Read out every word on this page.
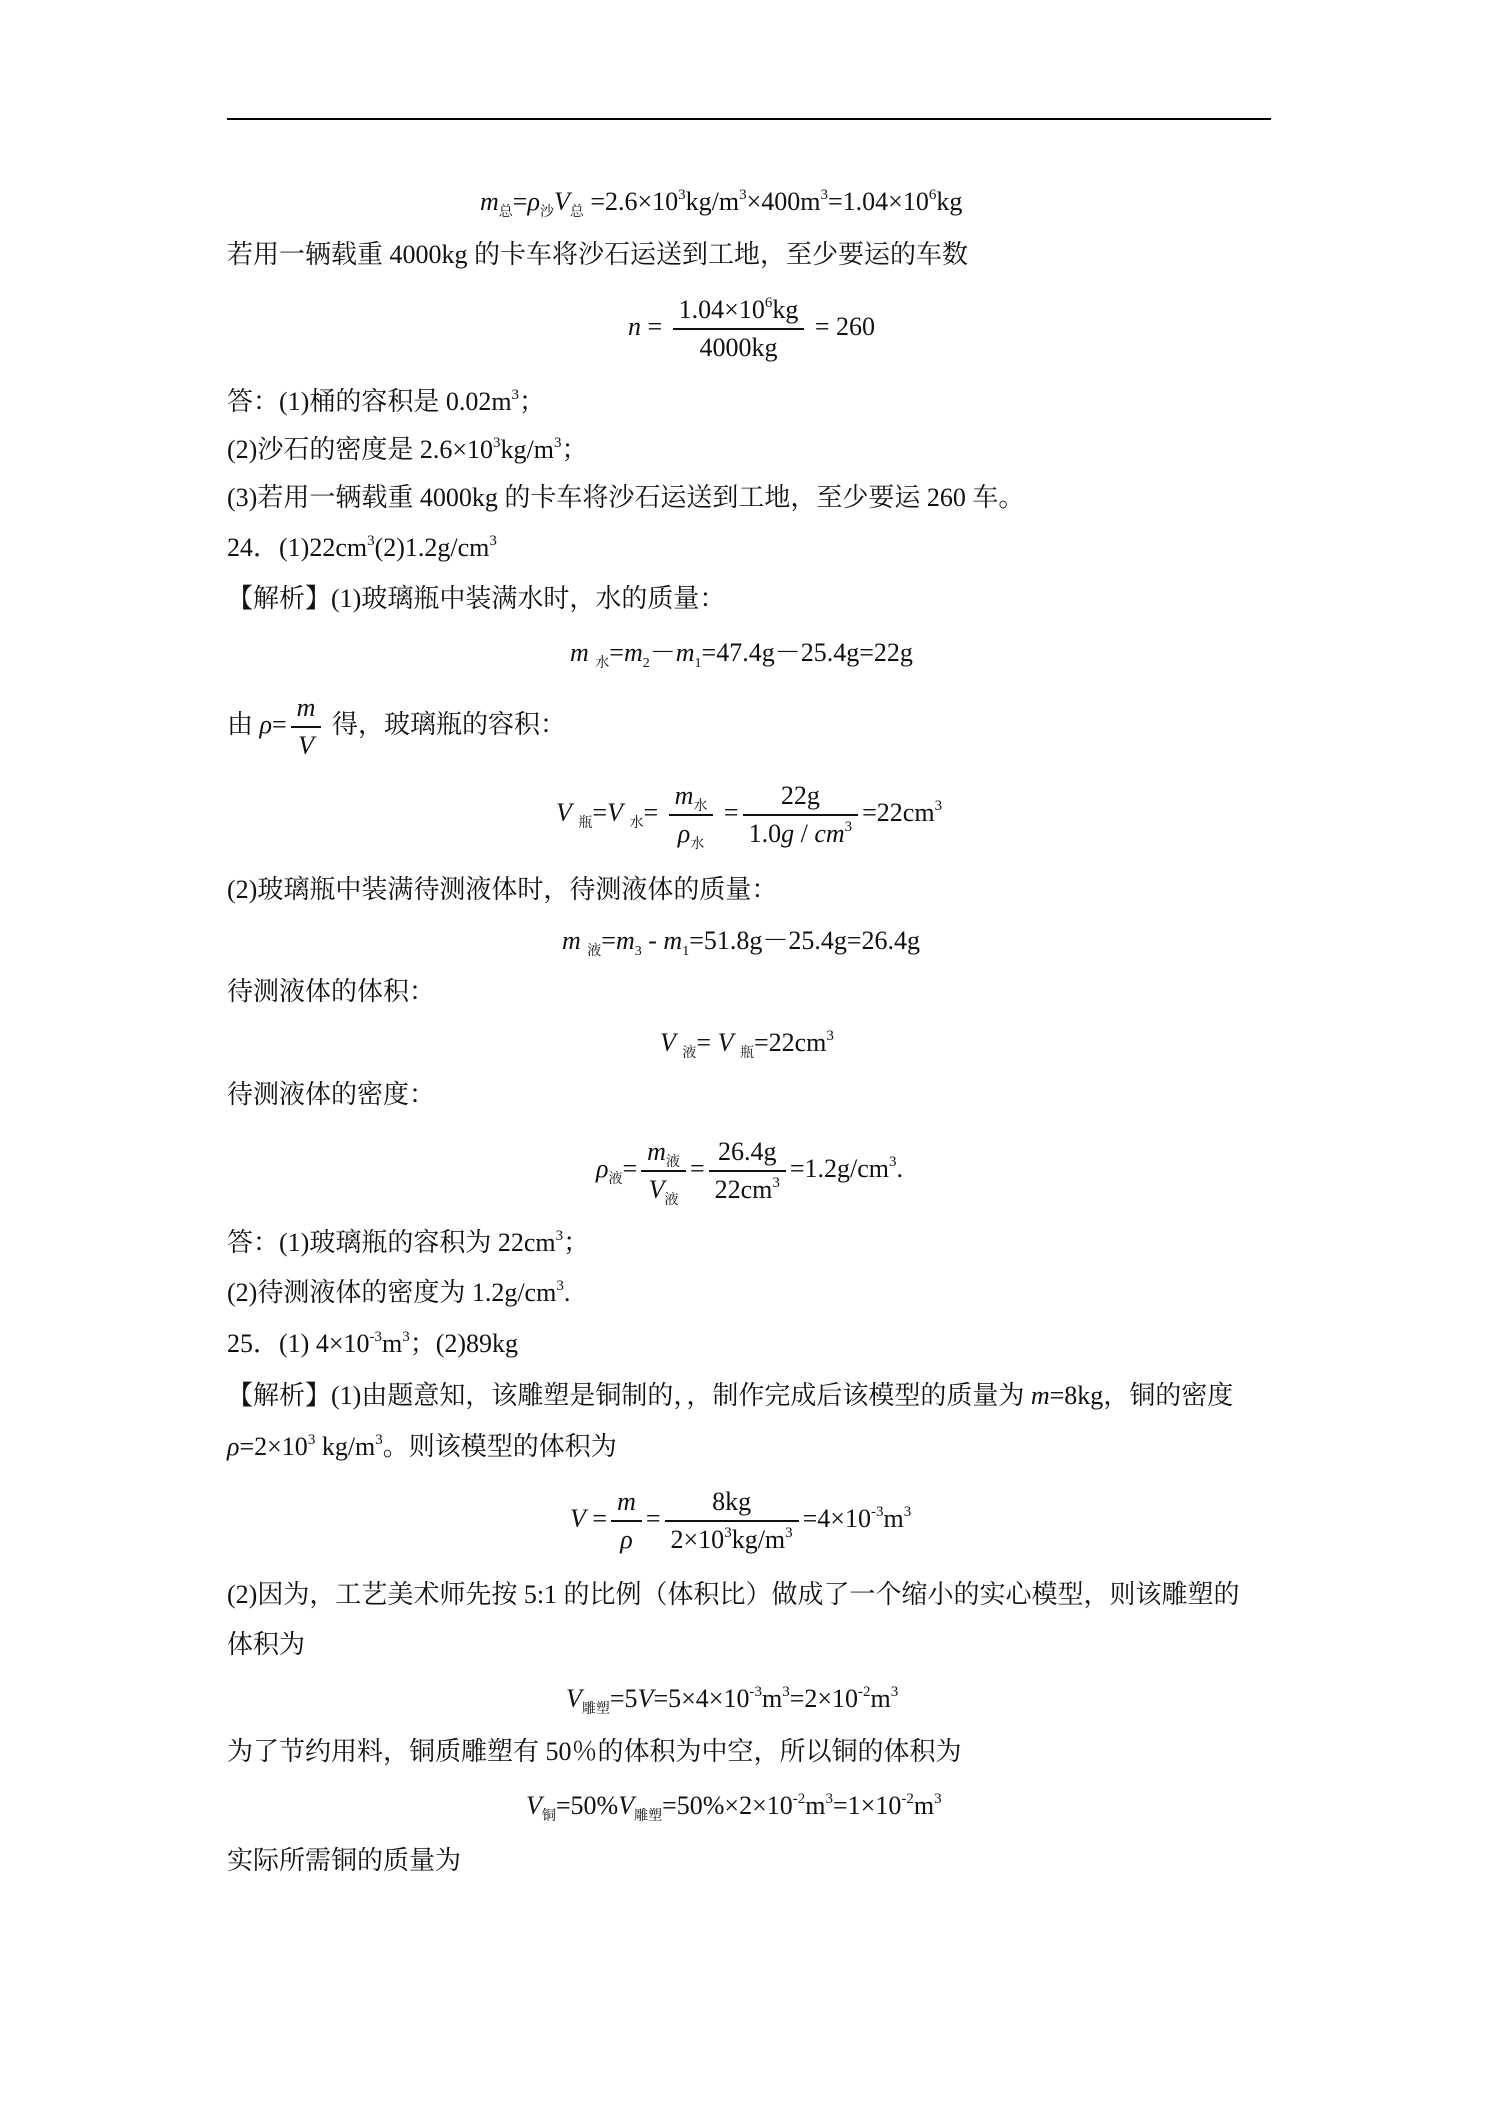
$m_总=\rho_沙V_总 =2.6\times 10^3kg/m^3\times 400m^3=1.04\times 10^6kg$
若用一辆载重 4000kg 的卡车将沙石运送到工地，至少要运的车数
$n = \frac{1.04\times 10^6kg}{4000kg} = 260$
答：(1)桶的容积是 $0.02m^3$；
(2)沙石的密度是 $2.6\times 10^3kg/m^3$；
(3)若用一辆载重 4000kg 的卡车将沙石运送到工地，至少要运 260 车。
24．$(1)22cm^3(2)1.2g/cm^3$
【解析】(1)玻璃瓶中装满水时，水的质量：
m $_水=m_2-m_1=47.4g-25.4g=22g$
由 $\rho= \frac{m}{V}$ 得，玻璃瓶的容积：
V $_瓶$=V $_水= \frac{m_水}{\rho_水} = \frac{22g}{1.0g / cm^3} =22cm^3$
(2)玻璃瓶中装满待测液体时，待测液体的质量：
m $_液=m_3 - m_1=51.8g-25.4g=26.4g$
待测液体的体积：
V $_液$= V $_瓶=22cm^3$
待测液体的密度：
$\rho_液= \frac{m_液}{V_液} = \frac{26.4g}{22cm^3} =1.2g/cm^3$.
答：(1)玻璃瓶的容积为 $22cm^3$；
(2)待测液体的密度为 $1.2g/cm^3$.
25．(1) $4\times 10^{-3}m^3$；(2)89kg
【解析】(1)由题意知，该雕塑是铜制的，，制作完成后该模型的质量为 m=8kg，铜的密度
$\rho=2\times 10^3$ $kg/m^3$。则该模型的体积为
$V = \frac{m}{\rho} = \frac{8kg}{2\times 10^3kg/m^3} =4\times 10^{-3}m^3$
(2)因为，工艺美术师先按 5:1 的比例（体积比）做成了一个缩小的实心模型，则该雕塑的
体积为
$V_{雕塑}=5V=5\times 4\times 10^{-3}m^3=2\times 10^{-2}m^3$
为了节约用料，铜质雕塑有 50％的体积为中空，所以铜的体积为
$V_铜=50\%V_{雕塑}=50\%\times 2\times 10^{-2}m^3=1\times 10^{-2}m^3$
实际所需铜的质量为
